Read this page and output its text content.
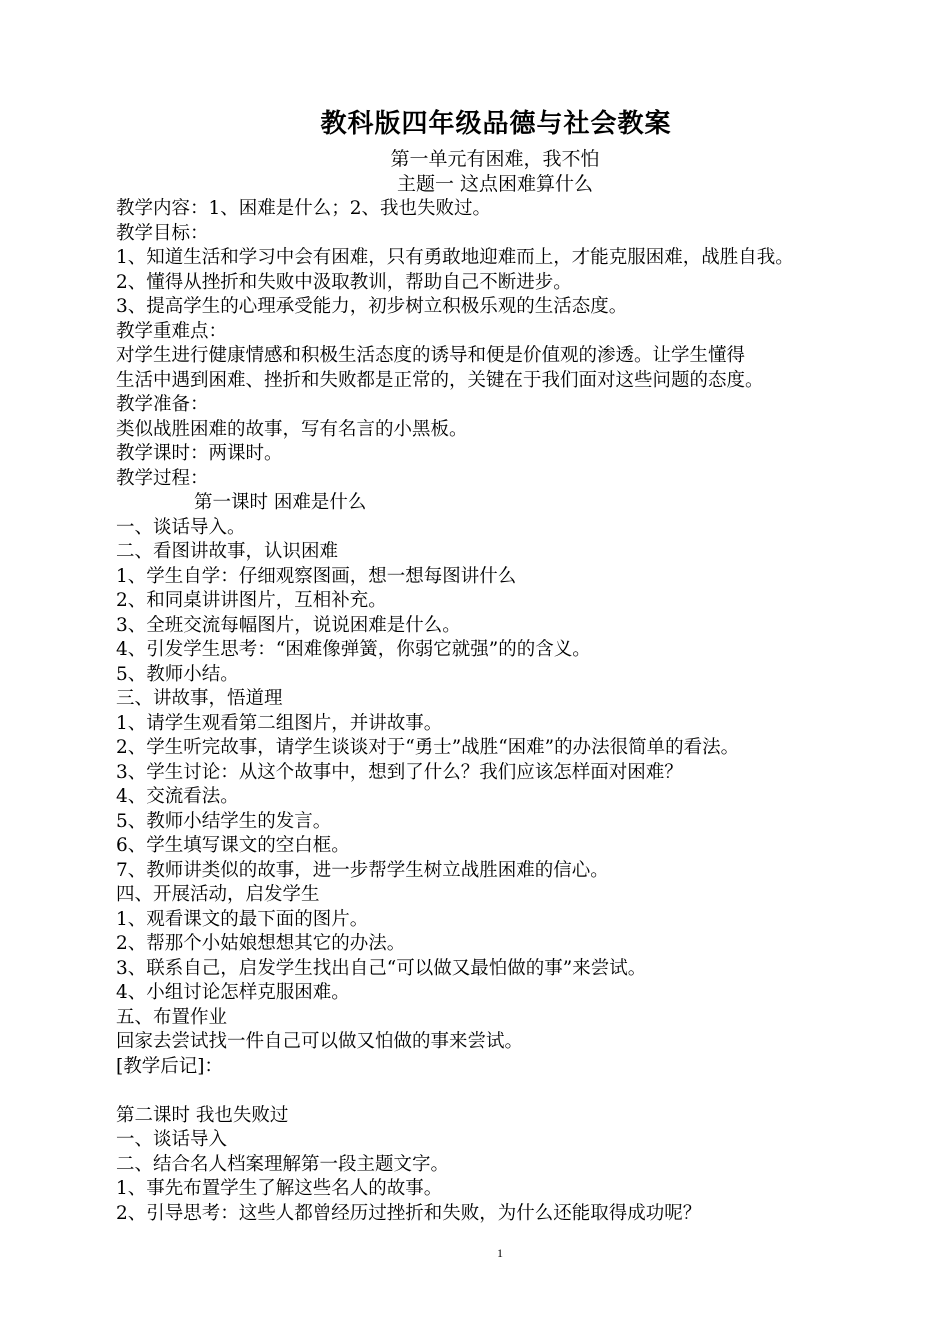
教科版四年级品德与社会教案
第一单元有困难，我不怕
主题一 这点困难算什么
教学内容：1、困难是什么；2、我也失败过。
教学目标：
1、知道生活和学习中会有困难，只有勇敢地迎难而上，才能克服困难，战胜自我。
2、懂得从挫折和失败中汲取教训，帮助自己不断进步。
3、提高学生的心理承受能力，初步树立积极乐观的生活态度。
教学重难点：
对学生进行健康情感和积极生活态度的诱导和便是价值观的渗透。让学生懂得
生活中遇到困难、挫折和失败都是正常的，关键在于我们面对这些问题的态度。
教学准备：
类似战胜困难的故事，写有名言的小黑板。
教学课时：两课时。
教学过程：
第一课时 困难是什么
一、谈话导入。
二、看图讲故事，认识困难
1、学生自学：仔细观察图画，想一想每图讲什么
2、和同桌讲讲图片，互相补充。
3、全班交流每幅图片，说说困难是什么。
4、引发学生思考：“困难像弹簧，你弱它就强”的的含义。
5、教师小结。
三、讲故事，悟道理
1、请学生观看第二组图片，并讲故事。
2、学生听完故事，请学生谈谈对于“勇士”战胜“困难”的办法很简单的看法。
3、学生讨论：从这个故事中，想到了什么？我们应该怎样面对困难？
4、交流看法。
5、教师小结学生的发言。
6、学生填写课文的空白框。
7、教师讲类似的故事，进一步帮学生树立战胜困难的信心。
四、开展活动，启发学生
1、观看课文的最下面的图片。
2、帮那个小姑娘想想其它的办法。
3、联系自己，启发学生找出自己“可以做又最怕做的事”来尝试。
4、小组讨论怎样克服困难。
五、布置作业
回家去尝试找一件自己可以做又怕做的事来尝试。
[教学后记]：
第二课时 我也失败过
一、谈话导入
二、结合名人档案理解第一段主题文字。
1、事先布置学生了解这些名人的故事。
2、引导思考：这些人都曾经历过挫折和失败，为什么还能取得成功呢？
1
